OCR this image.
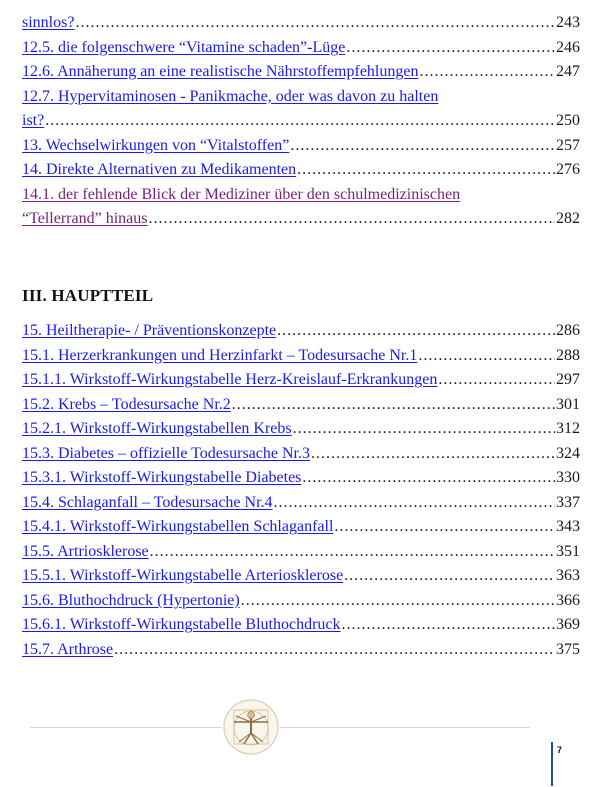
sinnlos? .....	243
12.5. die folgenschwere “Vitamine schaden”-Lüge .....	246
12.6. Annäherung an eine realistische Nährstoffempfehlungen .....	247
12.7. Hypervitaminosen - Panikmache, oder was davon zu halten
ist? .....	250
13. Wechselwirkungen von “Vitalstoffen” .....	257
14. Direkte Alternativen zu Medikamenten .....	276
14.1. der fehlende Blick der Mediziner über den schulmedizinischen
“Tellerrand” hinaus .....	282
III. HAUPTTEIL
15. Heiltherapie- / Präventionskonzepte .....	286
15.1. Herzerkrankungen und Herzinfarkt – Todesursache Nr.1 .....	288
15.1.1. Wirkstoff-Wirkungstabelle Herz-Kreislauf-Erkrankungen .....	297
15.2. Krebs – Todesursache Nr.2 .....	301
15.2.1. Wirkstoff-Wirkungstabellen Krebs .....	312
15.3. Diabetes – offizielle Todesursache Nr.3 .....	324
15.3.1. Wirkstoff-Wirkungstabelle Diabetes .....	330
15.4. Schlaganfall – Todesursache Nr.4 .....	337
15.4.1. Wirkstoff-Wirkungstabellen Schlaganfall .....	343
15.5. Artriosklerose .....	351
15.5.1. Wirkstoff-Wirkungstabelle Arteriosklerose .....	363
15.6. Bluthochdruck (Hypertonie) .....	366
15.6.1. Wirkstoff-Wirkungstabelle Bluthochdruck .....	369
15.7. Arthrose .....	375
7
